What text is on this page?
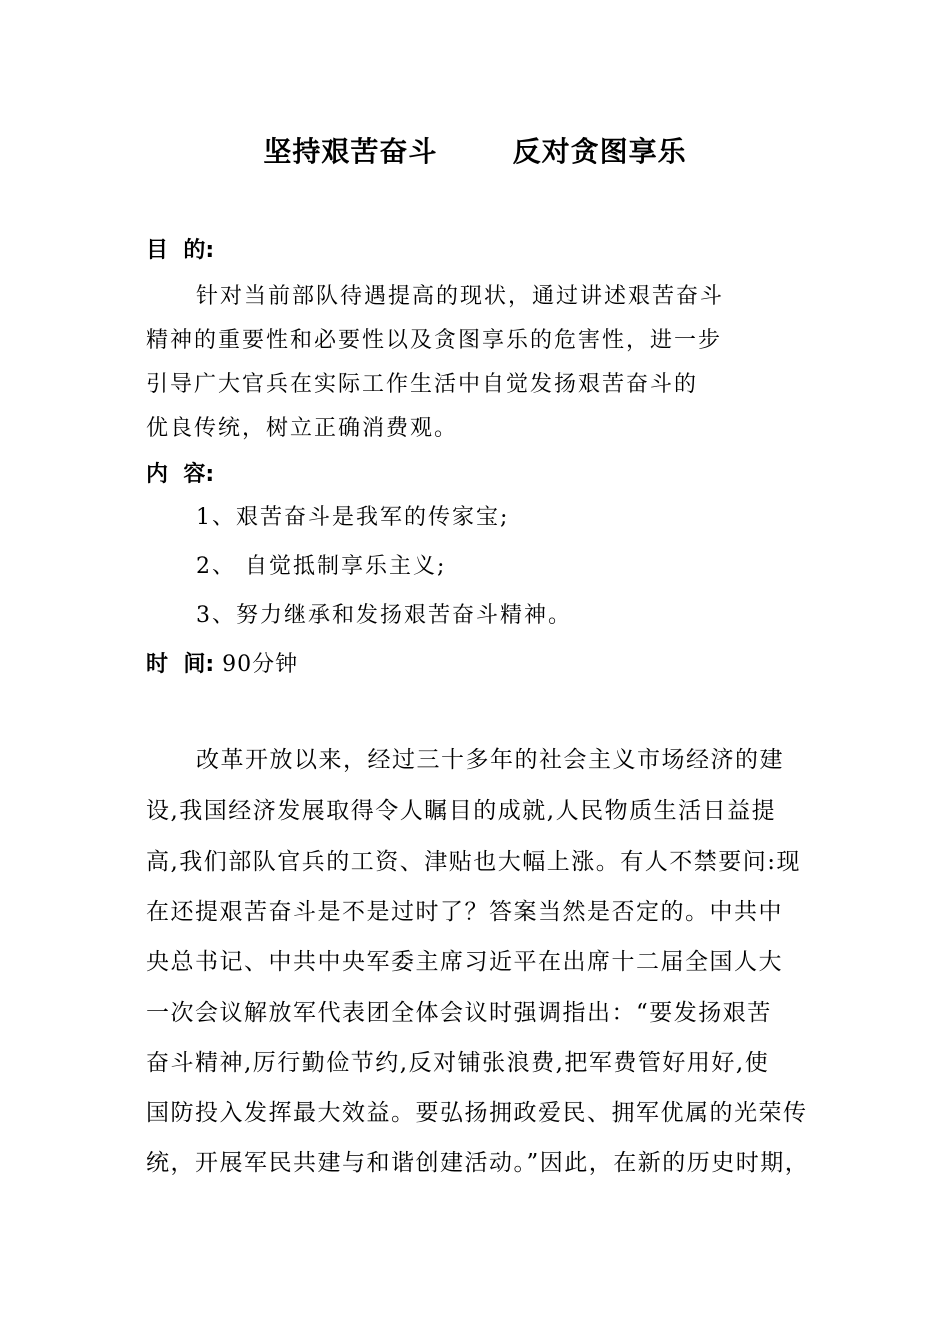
坚持艰苦奋斗       反对贪图享乐
目  的:
针对当前部队待遇提高的现状，通过讲述艰苦奋斗
精神的重要性和必要性以及贪图享乐的危害性，进一步
引导广大官兵在实际工作生活中自觉发扬艰苦奋斗的
优良传统，树立正确消费观。
内  容:
1、艰苦奋斗是我军的传家宝;
2、 自觉抵制享乐主义;
3、努力继承和发扬艰苦奋斗精神。
时  间: 90分钟
改革开放以来，经过三十多年的社会主义市场经济的建
设,我国经济发展取得令人瞩目的成就,人民物质生活日益提
高,我们部队官兵的工资、津贴也大幅上涨。有人不禁要问:现
在还提艰苦奋斗是不是过时了？答案当然是否定的。中共中
央总书记、中共中央军委主席习近平在出席十二届全国人大
一次会议解放军代表团全体会议时强调指出：“要发扬艰苦
奋斗精神,厉行勤俭节约,反对铺张浪费,把军费管好用好,使
国防投入发挥最大效益。要弘扬拥政爱民、拥军优属的光荣传
统，开展军民共建与和谐创建活动。”因此，在新的历史时期，
